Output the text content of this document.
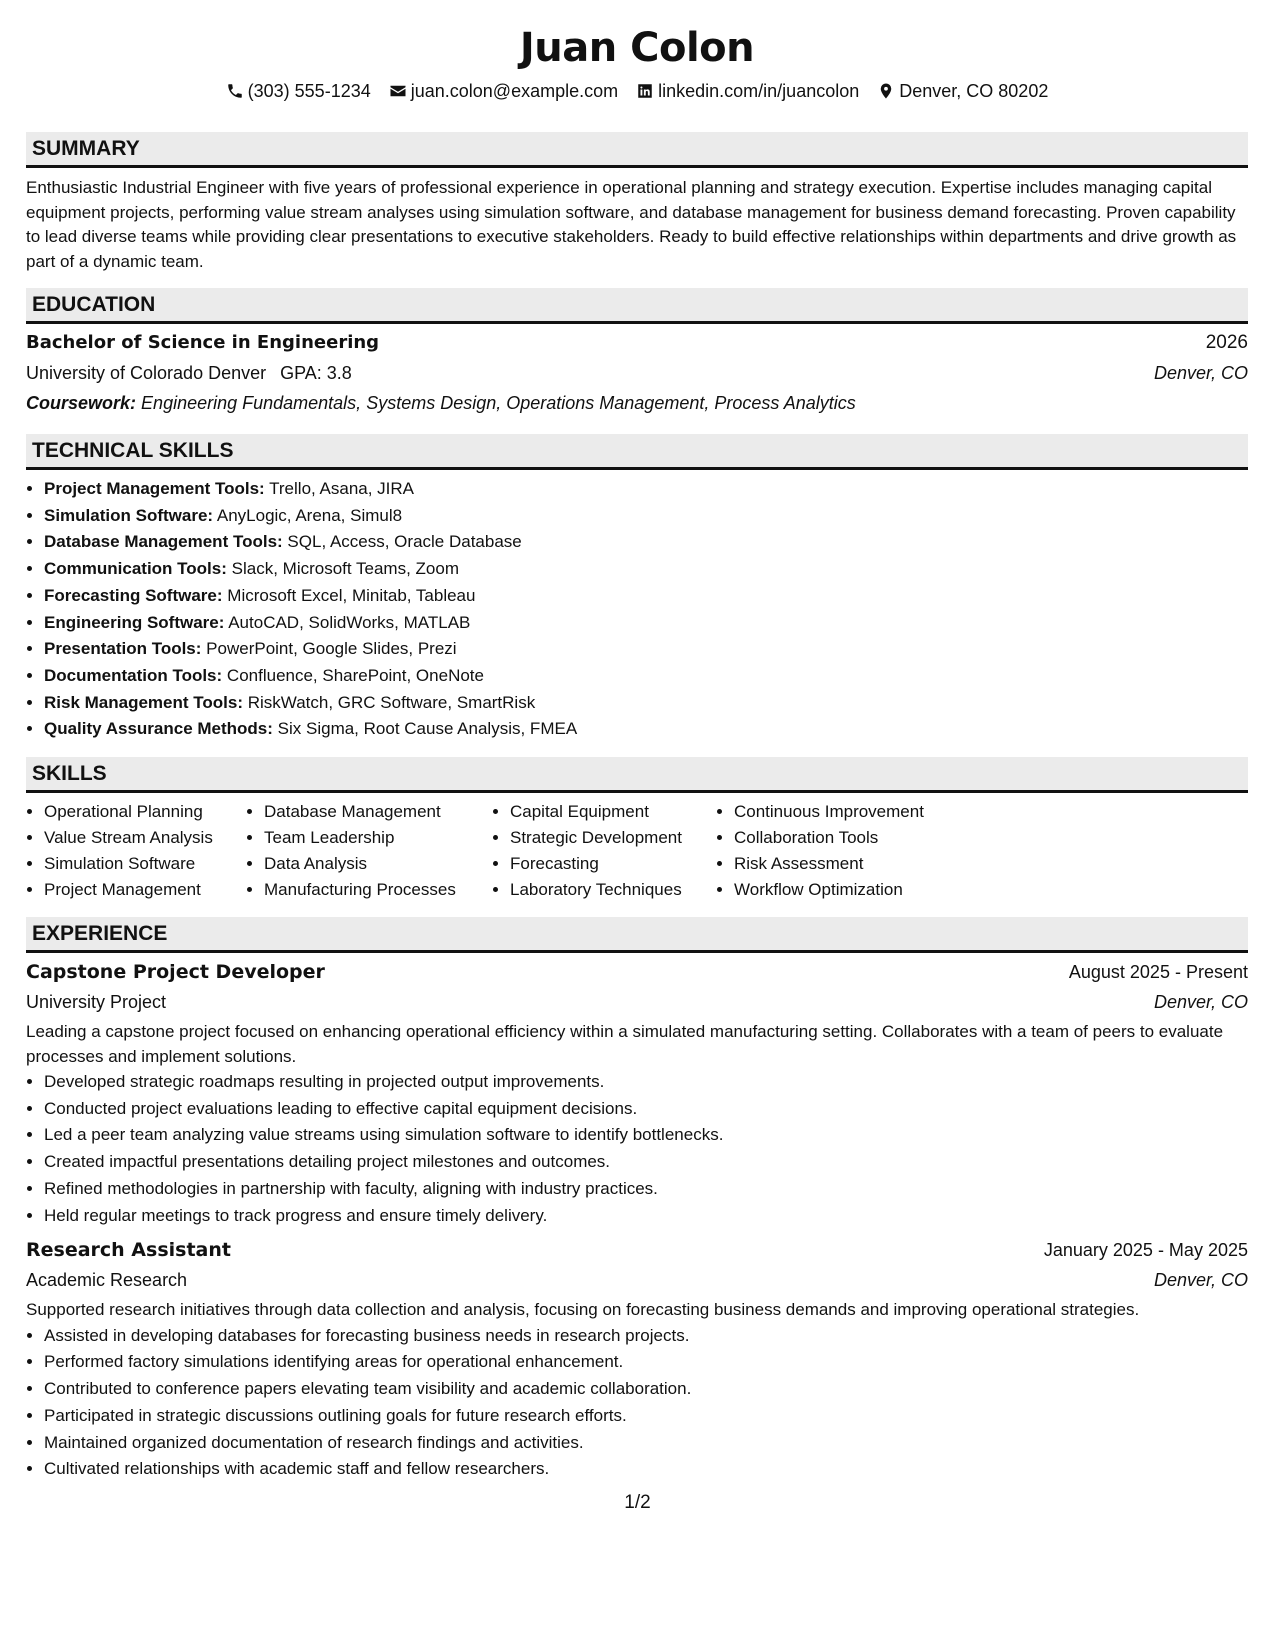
Juan Colon
(303) 555-1234 juan.colon@example.com linkedin.com/in/juancolon Denver, CO 80202
SUMMARY

Enthusiastic Industrial Engineer with five years of professional experience in operational planning and strategy execution. Expertise includes managing capital equipment projects, performing value stream analyses using simulation software, and database management for business demand forecasting. Proven capability to lead diverse teams while providing clear presentations to executive stakeholders. Ready to build effective relationships within departments and drive growth as part of a dynamic team.

EDUCATION
Bachelor of Science in Engineering	2026
University of Colorado Denver GPA: 3.8	Denver, CO
Coursework: Engineering Fundamentals, Systems Design, Operations Management, Process Analytics
TECHNICAL SKILLS
• Project Management Tools: Trello, Asana, JIRA
• Simulation Software: AnyLogic, Arena, Simul8
• Database Management Tools: SQL, Access, Oracle Database
• Communication Tools: Slack, Microsoft Teams, Zoom
• Forecasting Software: Microsoft Excel, Minitab, Tableau
• Engineering Software: AutoCAD, SolidWorks, MATLAB
• Presentation Tools: PowerPoint, Google Slides, Prezi
• Documentation Tools: Confluence, SharePoint, OneNote
• Risk Management Tools: RiskWatch, GRC Software, SmartRisk
• Quality Assurance Methods: Six Sigma, Root Cause Analysis, FMEA
SKILLS
• Operational Planning
• Value Stream Analysis
• Simulation Software
• Project Management
• Database Management
• Team Leadership
• Data Analysis
• Manufacturing Processes
• Capital Equipment
• Strategic Development
• Forecasting
• Laboratory Techniques
• Continuous Improvement
• Collaboration Tools
• Risk Assessment
• Workflow Optimization
EXPERIENCE
Capstone Project Developer	August 2025 - Present
University Project	Denver, CO

Leading a capstone project focused on enhancing operational efficiency within a simulated manufacturing setting. Collaborates with a team of peers to evaluate processes and implement solutions.

• Developed strategic roadmaps resulting in projected output improvements.
• Conducted project evaluations leading to effective capital equipment decisions.
• Led a peer team analyzing value streams using simulation software to identify bottlenecks.
• Created impactful presentations detailing project milestones and outcomes.
• Refined methodologies in partnership with faculty, aligning with industry practices.
• Held regular meetings to track progress and ensure timely delivery.
Research Assistant	January 2025 - May 2025
Academic Research	Denver, CO

Supported research initiatives through data collection and analysis, focusing on forecasting business demands and improving operational strategies.

• Assisted in developing databases for forecasting business needs in research projects.
• Performed factory simulations identifying areas for operational enhancement.
• Contributed to conference papers elevating team visibility and academic collaboration.
• Participated in strategic discussions outlining goals for future research efforts.
• Maintained organized documentation of research findings and activities.
• Cultivated relationships with academic staff and fellow researchers.
1/2
